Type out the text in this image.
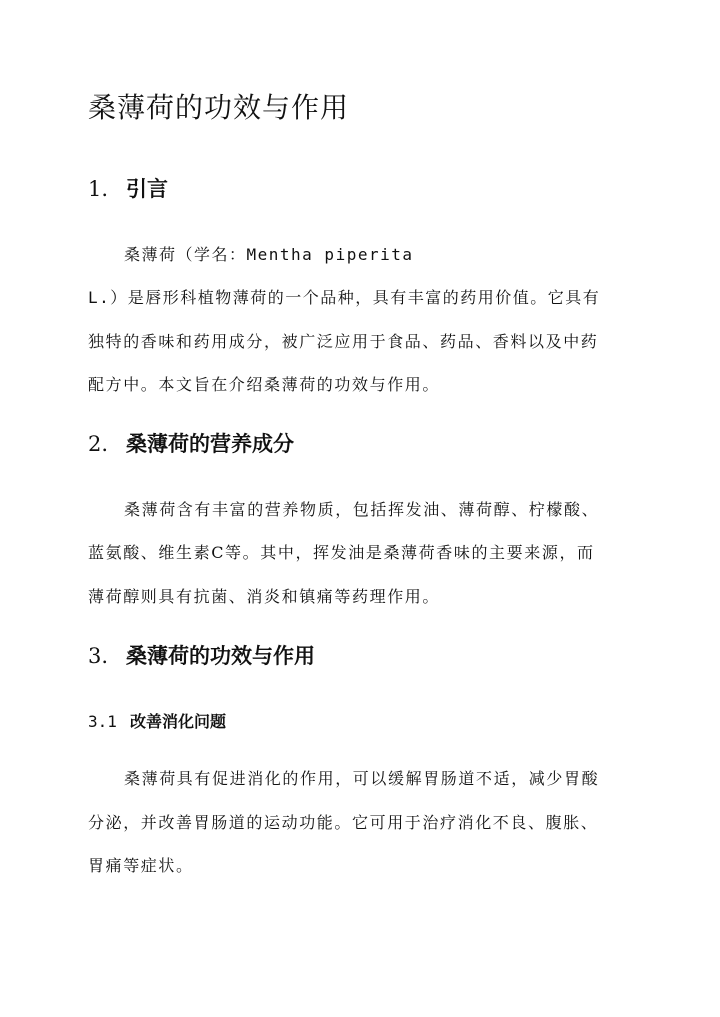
桑薄荷的功效与作用
1. 引言

桑薄荷（学名：Mentha piperita

L.）是唇形科植物薄荷的一个品种，具有丰富的药用价值。它具有

独特的香味和药用成分，被广泛应用于食品、药品、香料以及中药

配方中。本文旨在介绍桑薄荷的功效与作用。

2. 桑薄荷的营养成分

桑薄荷含有丰富的营养物质，包括挥发油、薄荷醇、柠檬酸、

蓝氨酸、维生素C等。其中，挥发油是桑薄荷香味的主要来源，而

薄荷醇则具有抗菌、消炎和镇痛等药理作用。

3. 桑薄荷的功效与作用
3.1 改善消化问题

桑薄荷具有促进消化的作用，可以缓解胃肠道不适，减少胃酸

分泌，并改善胃肠道的运动功能。它可用于治疗消化不良、腹胀、

胃痛等症状。
